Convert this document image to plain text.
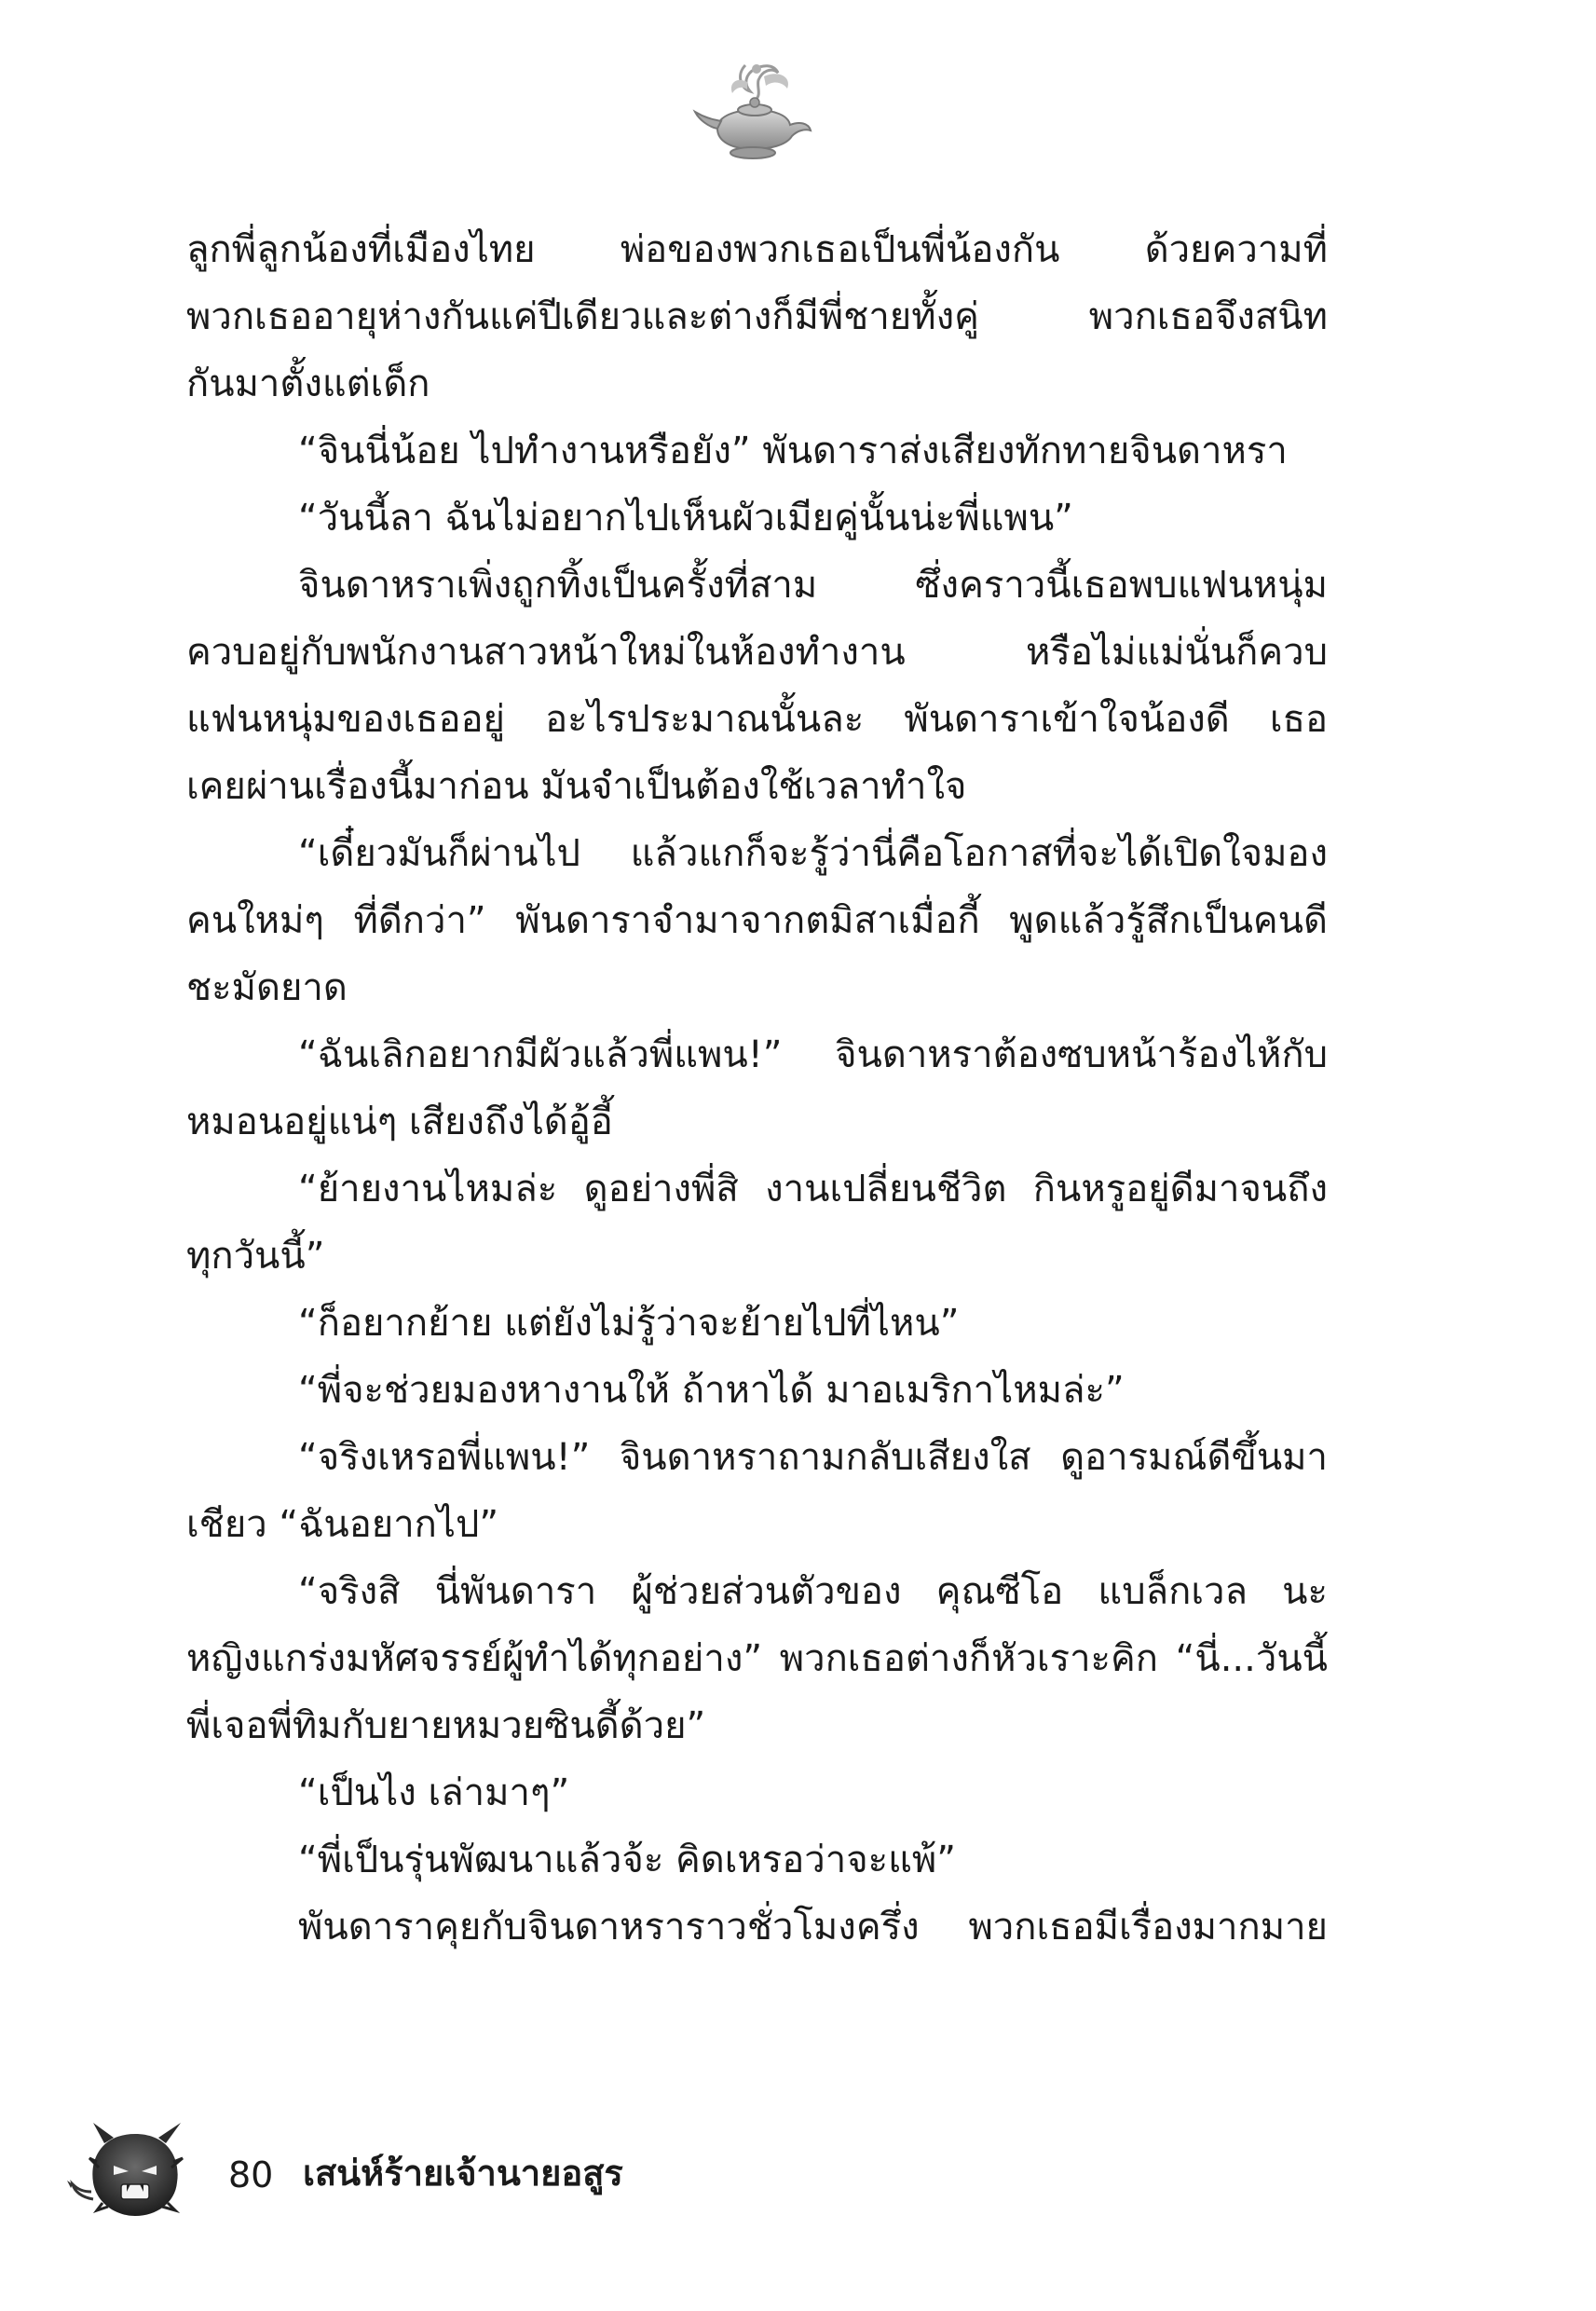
ลูกพี่ลูกน้องที่เมืองไทย พ่อของพวกเธอเป็นพี่น้องกัน ด้วยความที่
พวกเธออายุห่างกันแค่ปีเดียวและต่างก็มีพี่ชายทั้งคู่ พวกเธอจึงสนิท
กันมาตั้งแต่เด็ก
“จินนี่น้อย ไปทำงานหรือยัง” พันดาราส่งเสียงทักทายจินดาหรา
“วันนี้ลา ฉันไม่อยากไปเห็นผัวเมียคู่นั้นน่ะพี่แพน”
จินดาหราเพิ่งถูกทิ้งเป็นครั้งที่สาม ซึ่งคราวนี้เธอพบแฟนหนุ่ม
ควบอยู่กับพนักงานสาวหน้าใหม่ในห้องทำงาน หรือไม่แม่นั่นก็ควบ
แฟนหนุ่มของเธออยู่ อะไรประมาณนั้นละ พันดาราเข้าใจน้องดี เธอ
เคยผ่านเรื่องนี้มาก่อน มันจำเป็นต้องใช้เวลาทำใจ
“เดี๋ยวมันก็ผ่านไป แล้วแกก็จะรู้ว่านี่คือโอกาสที่จะได้เปิดใจมอง
คนใหม่ๆ ที่ดีกว่า” พันดาราจำมาจากตมิสาเมื่อกี้ พูดแล้วรู้สึกเป็นคนดี
ชะมัดยาด
“ฉันเลิกอยากมีผัวแล้วพี่แพน!” จินดาหราต้องซบหน้าร้องไห้กับ
หมอนอยู่แน่ๆ เสียงถึงได้อู้อี้
“ย้ายงานไหมล่ะ ดูอย่างพี่สิ งานเปลี่ยนชีวิต กินหรูอยู่ดีมาจนถึง
ทุกวันนี้”
“ก็อยากย้าย แต่ยังไม่รู้ว่าจะย้ายไปที่ไหน”
“พี่จะช่วยมองหางานให้ ถ้าหาได้ มาอเมริกาไหมล่ะ”
“จริงเหรอพี่แพน!” จินดาหราถามกลับเสียงใส ดูอารมณ์ดีขึ้นมา
เชียว “ฉันอยากไป”
“จริงสิ นี่พันดารา ผู้ช่วยส่วนตัวของ คุณซีโอ แบล็กเวล นะ
หญิงแกร่งมหัศจรรย์ผู้ทำได้ทุกอย่าง” พวกเธอต่างก็หัวเราะคิก “นี่...วันนี้
พี่เจอพี่ทิมกับยายหมวยซินดี้ด้วย”
“เป็นไง เล่ามาๆ”
“พี่เป็นรุ่นพัฒนาแล้วจ้ะ คิดเหรอว่าจะแพ้”
พันดาราคุยกับจินดาหราราวชั่วโมงครึ่ง พวกเธอมีเรื่องมากมาย
80 เสน่ห์ร้ายเจ้านายอสูร
